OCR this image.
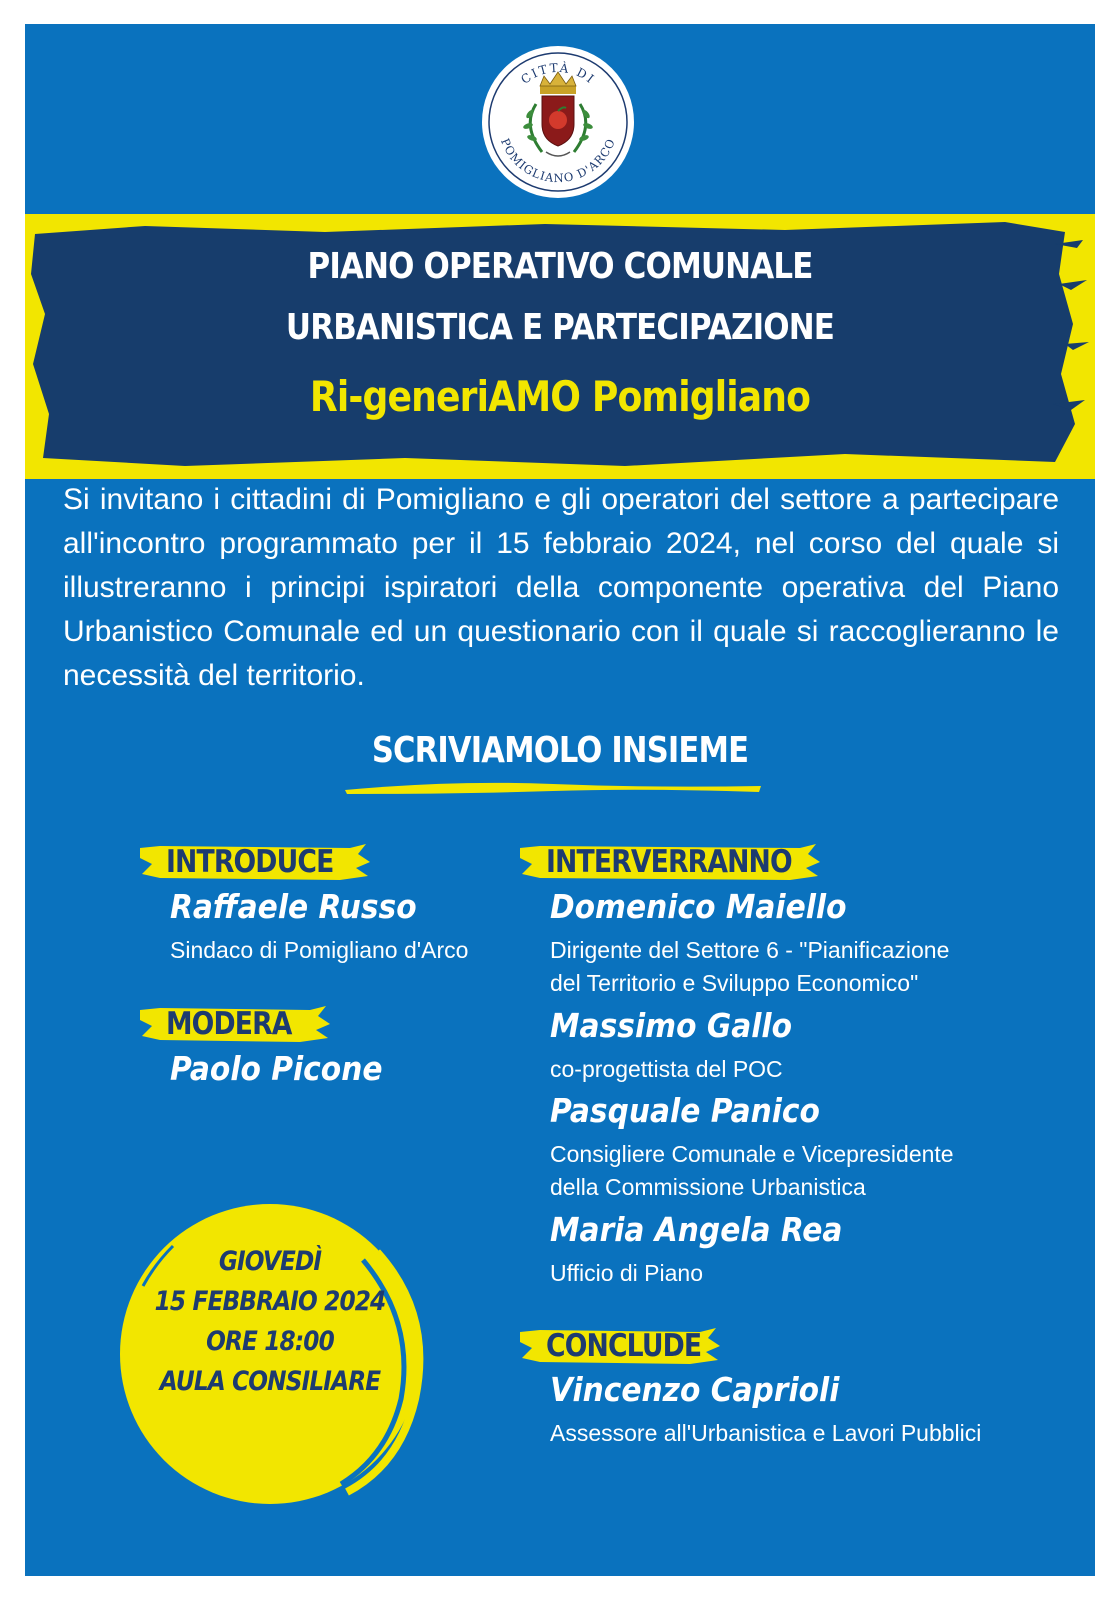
CITTÀ DI
POMIGLIANO D'ARCO
PIANO OPERATIVO COMUNALE
URBANISTICA E PARTECIPAZIONE
Ri-generiAMO Pomigliano
Si invitano i cittadini di Pomigliano e gli operatori del settore a partecipare all'incontro programmato per il 15 febbraio 2024, nel corso del quale si illustreranno i principi ispiratori della componente operativa del Piano Urbanistico Comunale ed un questionario con il quale si raccoglieranno le necessità del territorio.
SCRIVIAMOLO INSIEME
INTRODUCE
Raffaele Russo
Sindaco di Pomigliano d'Arco
MODERA
Paolo Picone
INTERVERRANNO
Domenico Maiello
Dirigente del Settore 6 - "Pianificazione
del Territorio e Sviluppo Economico"
Massimo Gallo
co-progettista del POC
Pasquale Panico
Consigliere Comunale e Vicepresidente
della Commissione Urbanistica
Maria Angela Rea
Ufficio di Piano
CONCLUDE
Vincenzo Caprioli
Assessore all'Urbanistica e Lavori Pubblici
GIOVEDÌ
15 FEBBRAIO 2024
ORE 18:00
AULA CONSILIARE
